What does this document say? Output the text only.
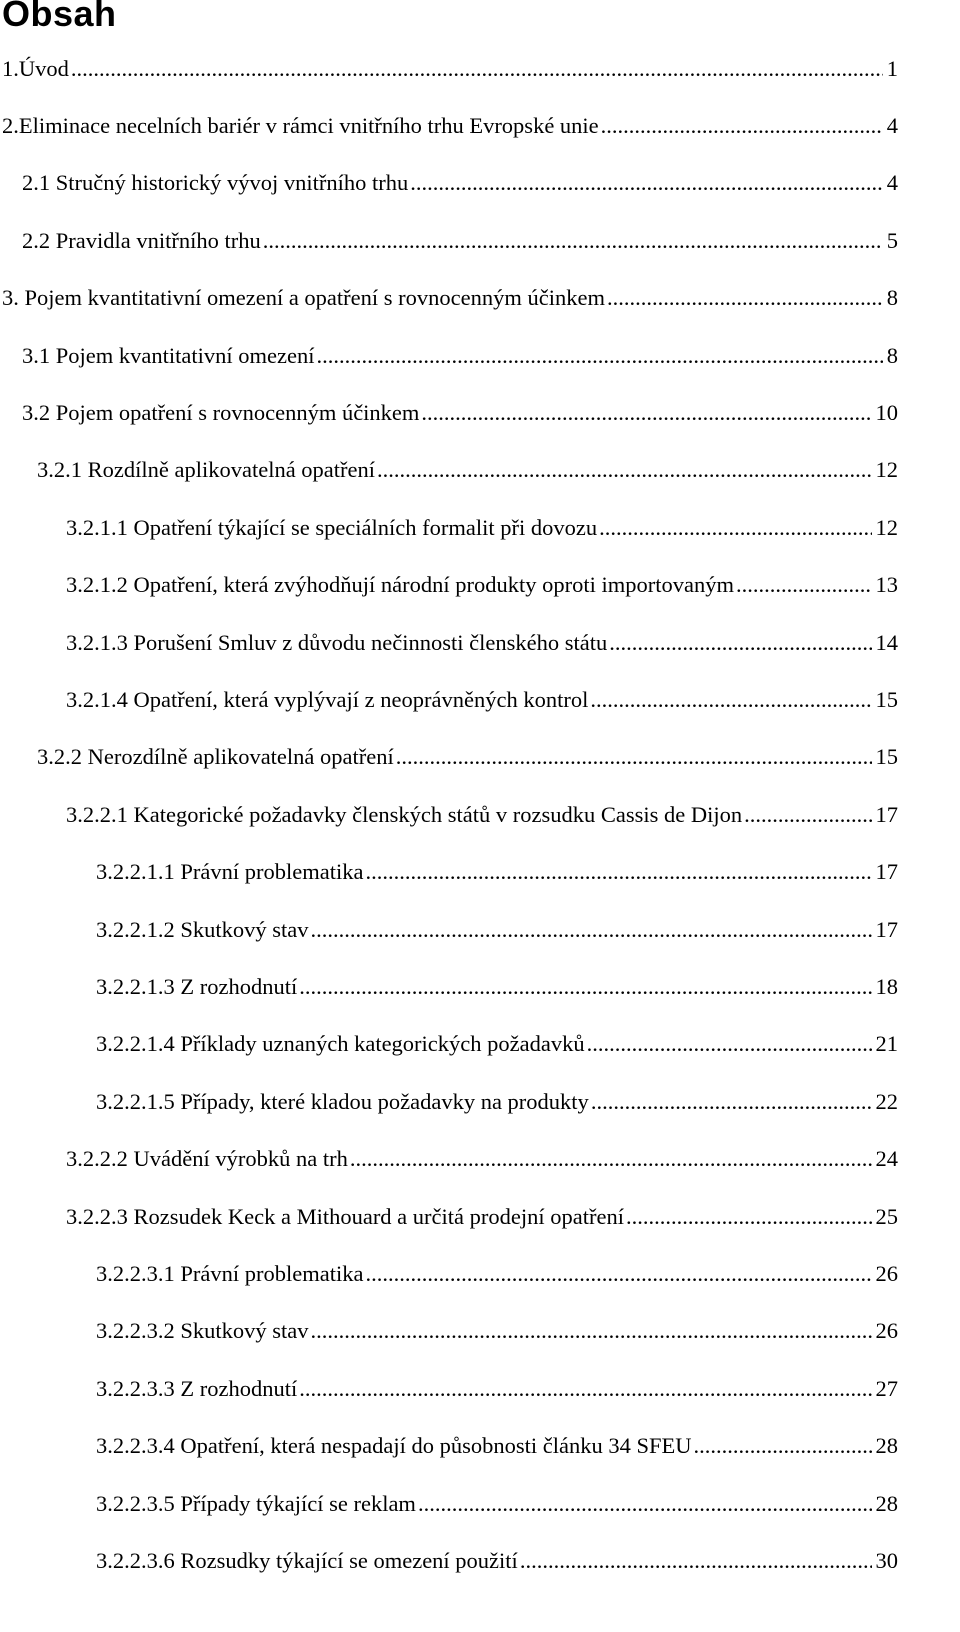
Obsah
1.Úvod .....	1
2.Eliminace necelních bariér v rámci vnitřního trhu Evropské unie .....	4
2.1 Stručný historický vývoj vnitřního trhu .....	4
2.2 Pravidla vnitřního trhu .....	5
3. Pojem kvantitativní omezení a opatření s rovnocenným účinkem .....	8
3.1 Pojem kvantitativní omezení .....	8
3.2 Pojem opatření s rovnocenným účinkem .....	10
3.2.1 Rozdílně aplikovatelná opatření .....	12
3.2.1.1 Opatření týkající se speciálních formalit při dovozu .....	12
3.2.1.2 Opatření, která zvýhodňují národní produkty oproti importovaným .....	13
3.2.1.3 Porušení Smluv z důvodu nečinnosti členského státu .....	14
3.2.1.4 Opatření, která vyplývají z neoprávněných kontrol .....	15
3.2.2 Nerozdílně aplikovatelná opatření .....	15
3.2.2.1 Kategorické požadavky členských států v rozsudku Cassis de Dijon .....	17
3.2.2.1.1 Právní problematika .....	17
3.2.2.1.2 Skutkový stav .....	17
3.2.2.1.3 Z rozhodnutí .....	18
3.2.2.1.4 Příklady uznaných kategorických požadavků .....	21
3.2.2.1.5 Případy, které kladou požadavky na produkty .....	22
3.2.2.2 Uvádění výrobků na trh .....	24
3.2.2.3 Rozsudek Keck a Mithouard a určitá prodejní opatření .....	25
3.2.2.3.1 Právní problematika .....	26
3.2.2.3.2 Skutkový stav .....	26
3.2.2.3.3 Z rozhodnutí .....	27
3.2.2.3.4 Opatření, která nespadají do působnosti článku 34 SFEU .....	28
3.2.2.3.5 Případy týkající se reklam .....	28
3.2.2.3.6 Rozsudky týkající se omezení použití .....	30
